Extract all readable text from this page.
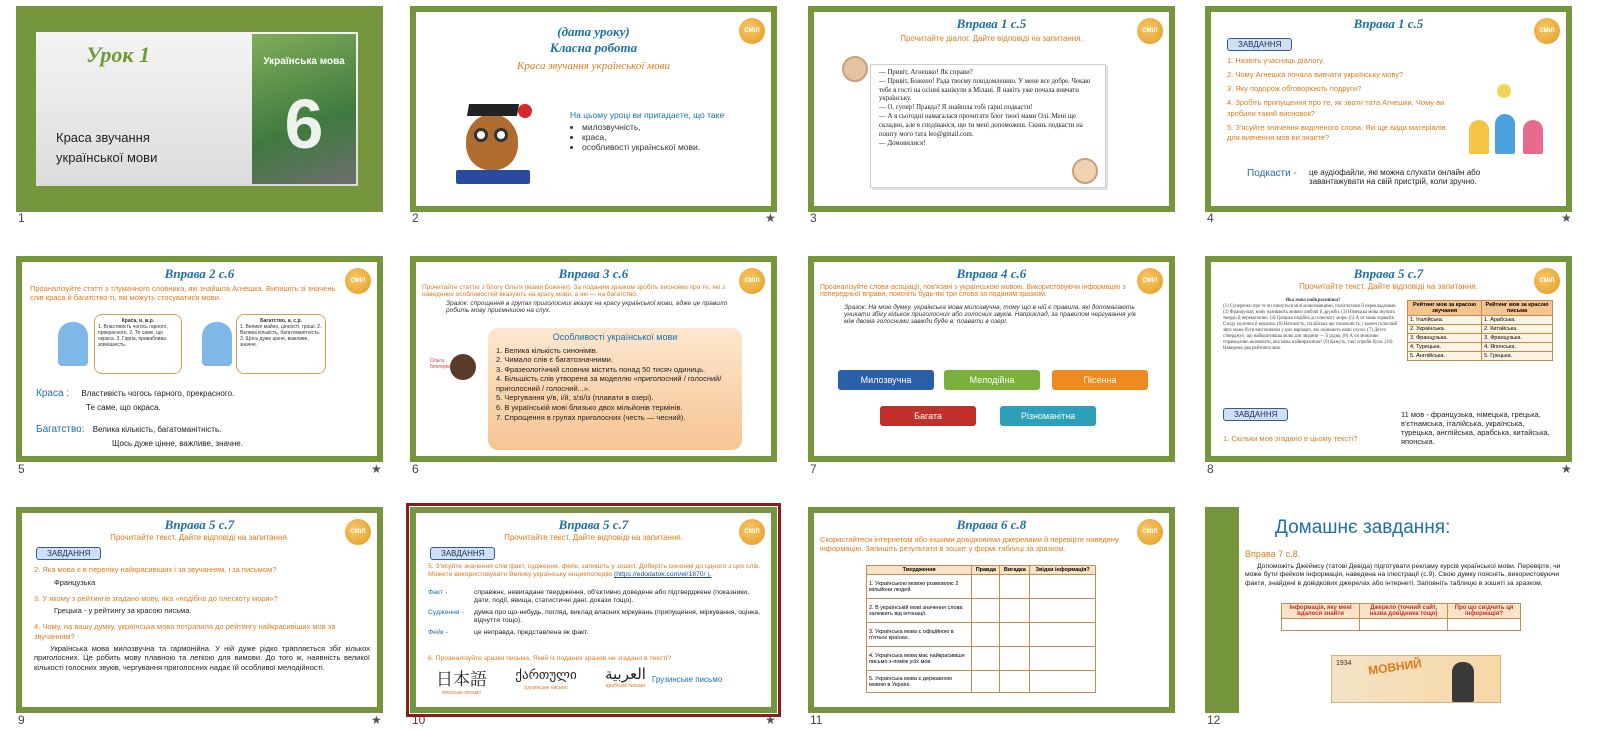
Урок 1
Краса звучання української мови
Українська мова
6
1
СМІЛ
(дата уроку)
Класна робота
Краса звучання української мови
На цьому уроці ви пригадаєте, що таке
• милозвучність,
• краса,
• особливості української мови.
2	★
СМІЛ
Вправа 1 с.5
Прочитайте діалог. Дайте відповіді на запитання.
— Привіт, Агнешко! Як справи?
— Привіт, Божено! Рада твоєму повідомленню. У мене все добре. Чекаю тебе в гості на осінні канікули в Мілані. Я навіть уже почала вивчати українську.
— О, супер! Правда? Я знайшла тобі гарні подкасти!
— А я сьогодні намагалася прочитати блог твоєї мами Олі. Мені ще складно, але я сподіваюся, що ти мені допоможеш. Скинь подкасти на пошту мого тата leo@gmail.com.
— Домовилися!
3
СМІЛ
Вправа 1 с.5
ЗАВДАННЯ
1. Назвіть учасниць діалогу.
2. Чому Агнешка почала вивчати українську мову?
3. Яку подорож обговорюють подруги?
4. Зробіть припущення про те, як звати тата Агнешки. Чому ви зробили такий висновок?
5. З'ясуйте значення виділеного слова. Які ще види матеріалів для вивчення мов ви знаєте?
Подкасти - це аудіофайли, які можна слухати онлайн або завантажувати на свій пристрій, коли зручно.
4	★
СМІЛ
Вправа 2 с.6
Проаналізуйте статті з тлумачного словника, які знайшла Агнешка. Випишіть зі значень слів краса й багатство ті, які можуть стосуватися мови.
Краса, и, ж.р.
1. Властивість чогось гарного, прекрасного. 2. Те саме, що окраса. 3. Гарна, приваблива зовнішність.
Багатство, а, с.р.
1. Велике майно, цінності, гроші. 2. Велика кількість, багатоманітність. 3. Щось дуже цінне, важливе, значне.
Краса : Властивість чогось гарного, прекрасного.
Те саме, що окраса.
Багатство: Велика кількість, багатоманітність.
Щось дуже цінне, важливе, значне.
5	★
СМІЛ
Вправа 3 с.6
Прочитайте статтю з блогу Ольги (мами Божени). За поданим зразком зробіть висновки про те, які з наведених особливостей вказують на красу мови, а які — на багатство.
Зразок: спрощення в групах приголосних вказує на красу української мови, адже це правило робить мову приємнішою на слух.
Ольга блогерка
Особливості української мови
1. Велика кількість синонімів.
2. Чимало слів є багатозначними.
3. Фразеологічний словник містить понад 50 тисяч одиниць.
4. Більшість слів утворена за моделлю «приголосний / голосний/ приголосний / голосний...».
5. Чергування у/в, і/й, з/зі/із (плавати в озері).
6. В українській мові близько двох мільйонів термінів.
7. Спрощення в групах приголосних (честь — чесний).
6
СМІЛ
Вправа 4 с.6
Проаналізуйте слова-асоціації, пов'язані з українською мовою. Використовуючи інформацію з попередньої вправи, поясніть будь-які три слова за поданим зразком.
Зразок: На мою думку, українська мова милозвучна, тому що в ній є правила, які допомагають уникати збігу кількох приголосних або голосних звуків. Наприклад, за правилом чергування у/в між двома голосними завжди буде в: плавати в озері.
Милозвучна	Мелодійна	Пісенна
Багата	Різноманітна
7
СМІЛ
Вправа 5 с.7
Прочитайте текст. Дайте відповіді на запитання.
Яка мова найкрасивіша?
(1) Суперечки про те чи пишуться мілі мовознавцями, поліглотами й перекладачами. (2) Французьку мову називають мовою любові й дружби. (3) Німецька мова звучить твердо й переконливо. (4) Грецька подібна до плескоту моря. (5) А от мова хорватів Сходу музична й виразна. (6) Натомість, італійська ще тональність, і кожен голосний звук може бути виспоненим у цих варіацях, які оцінюють наші слухи. (7) Дехто стверджує, що найкрасивіша мова для людини — її рідна. (8) А чи можливо справедливо визначити, яка мова найвиразніша? (9) Кажуть, такі спроби були. (10) Наведемо два рейтинги мов.
Рейтинг мов за красою звучання	Рейтинг мов за красою письма
1. Італійська.	1. Арабська.
2. Українська.	2. Китайська.
3. Французька.	3. Французька.
4. Турецька.	4. Японська.
5. Англійська.	5. Грецька.
ЗАВДАННЯ
1. Скільки мов згадано в цьому тексті?
11 мов - французька, німецька, грецька, в'єтнамська, італійська, українська, турецька, англійська, арабська, китайська, японська.
8	★
СМІЛ
Вправа 5 с.7
Прочитайте текст. Дайте відповіді на запитання.
ЗАВДАННЯ
2. Яка мова є в переліку найкрасивіших і за звучанням, і за письмом?
Французька
3. У якому з рейтингів згадано мову, яка «подібна до плескоту моря»?
Грецька - у рейтингу за красою письма.
4. Чому, на вашу думку, українська мова потрапила до рейтингу найкрасивіших мов за звучанням?
Українська мова милозвучна та гармонійна. У ній дуже рідко трапляється збіг кількох приголосних. Це робить мову плавною та легкою для вимови. До того ж, наявність великої кількості голосних звуків, чергування приголосних надає їй особливої мелодійності.
9	★
СМІЛ
Вправа 5 с.7
Прочитайте текст. Дайте відповіді на запитання.
ЗАВДАННЯ
5. З'ясуйте значення слів факт, судження, фейк, запишіть у зошит. Доберіть синонім до одного з цих слів. Можете використовувати Велику українську енциклопедію (https://edodatok.com/el/1870/ ).
Факт -	справжнє, невигадане твердження, об'єктивно доведене або підтверджене (показники, дати, події, явища, статистичні дані, докази тощо).
Судження -	думка про що-небудь, погляд, виклад власних міркувань (припущення, міркування, оцінка, відчуття тощо).
Фейк -	це неправда, представлена як факт.
6. Проаналізуйте зразки письма. Який із поданих зразків не згадано в тексті?
日本語
японське письмо
ქართული
грузинське письмо
العربية
арабське письмо
Грузинське письмо
10	★
СМІЛ
Вправа 6 с.8
Скористайтеся інтернетом або іншими довідковими джерелами й перевірте наведену інформацію. Запишіть результати в зошит у формі таблиці за зразком.
Твердження	Правда	Вигадка	Звідки інформація?
1. Українською мовою розмовляє 2 мільйони людей.			
2. В українській мові значення слова залежить від інтонації.			
3. Українська мова є офіційною в п'ятьох країнах.			
4. Українська мова має найкрасивіше письмо з-поміж усіх мов.			
5. Українська мова є державною мовою в Україні.			
11
Домашнє завдання:
Вправа 7 с.8.
Допоможіть Джеймсу (татові Девіда) підготувати рекламу курсів української мови. Перевірте, чи може бути фейком інформація, наведена на ілюстрації (с.9). Свою думку поясніть, використовуючи факти, знайдені в довідкових джерелах або інтернеті. Заповніть таблицю в зошиті за зразком.
Інформація, яку мені вдалося знайти	Джерело (точний сайт, назва довідника тощо)	Про що свідчить ця інформація?

1934 МОВНИЙ
12
